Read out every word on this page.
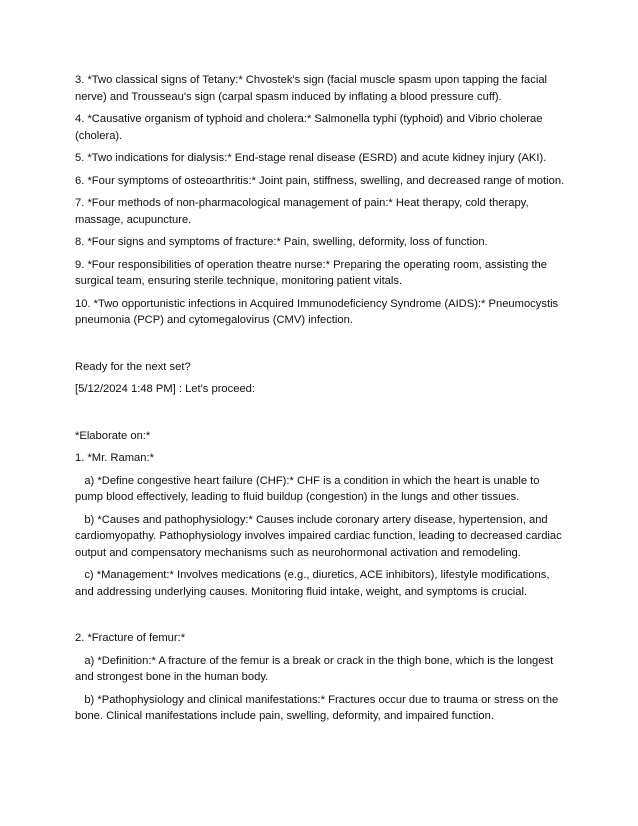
3. *Two classical signs of Tetany:* Chvostek's sign (facial muscle spasm upon tapping the facial nerve) and Trousseau's sign (carpal spasm induced by inflating a blood pressure cuff).

4. *Causative organism of typhoid and cholera:* Salmonella typhi (typhoid) and Vibrio cholerae (cholera).

5. *Two indications for dialysis:* End-stage renal disease (ESRD) and acute kidney injury (AKI).

6. *Four symptoms of osteoarthritis:* Joint pain, stiffness, swelling, and decreased range of motion.

7. *Four methods of non-pharmacological management of pain:* Heat therapy, cold therapy, massage, acupuncture.

8. *Four signs and symptoms of fracture:* Pain, swelling, deformity, loss of function.

9. *Four responsibilities of operation theatre nurse:* Preparing the operating room, assisting the surgical team, ensuring sterile technique, monitoring patient vitals.

10. *Two opportunistic infections in Acquired Immunodeficiency Syndrome (AIDS):* Pneumocystis pneumonia (PCP) and cytomegalovirus (CMV) infection.

Ready for the next set?

[5/12/2024 1:48 PM] : Let's proceed:

*Elaborate on:*

1. *Mr. Raman:*

a) *Define congestive heart failure (CHF):* CHF is a condition in which the heart is unable to pump blood effectively, leading to fluid buildup (congestion) in the lungs and other tissues.

b) *Causes and pathophysiology:* Causes include coronary artery disease, hypertension, and cardiomyopathy. Pathophysiology involves impaired cardiac function, leading to decreased cardiac output and compensatory mechanisms such as neurohormonal activation and remodeling.

c) *Management:* Involves medications (e.g., diuretics, ACE inhibitors), lifestyle modifications, and addressing underlying causes. Monitoring fluid intake, weight, and symptoms is crucial.

2. *Fracture of femur:*

a) *Definition:* A fracture of the femur is a break or crack in the thigh bone, which is the longest and strongest bone in the human body.

b) *Pathophysiology and clinical manifestations:* Fractures occur due to trauma or stress on the bone. Clinical manifestations include pain, swelling, deformity, and impaired function.
